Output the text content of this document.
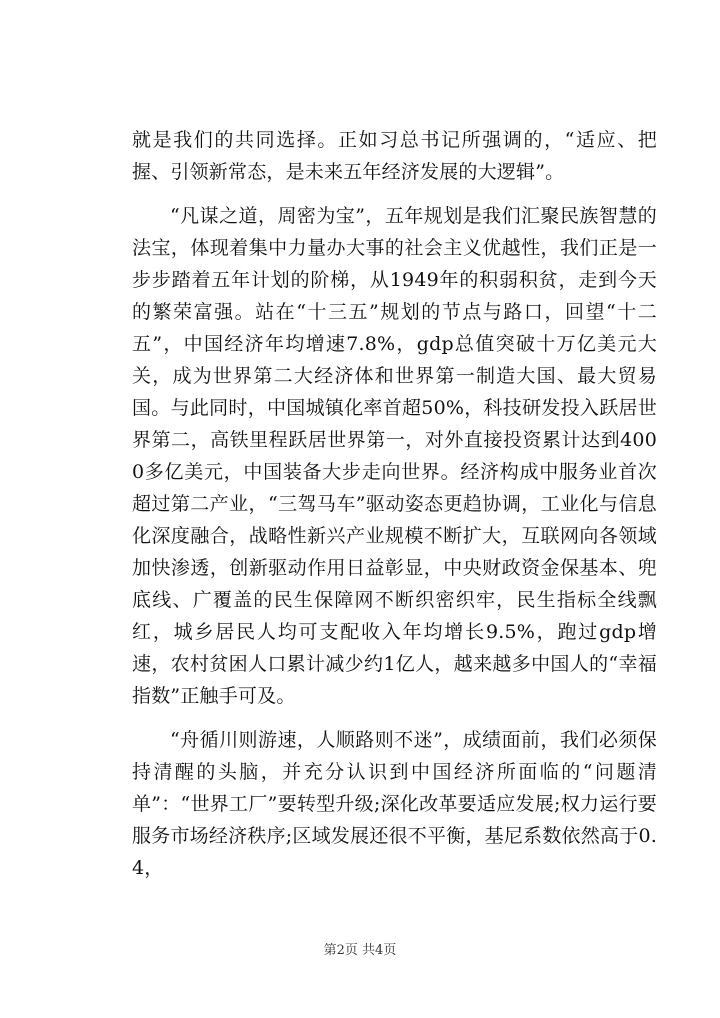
就是我们的共同选择。正如习总书记所强调的，“适应、把握、引领新常态，是未来五年经济发展的大逻辑”。

“凡谋之道，周密为宝”，五年规划是我们汇聚民族智慧的法宝，体现着集中力量办大事的社会主义优越性，我们正是一步步踏着五年计划的阶梯，从1949年的积弱积贫，走到今天的繁荣富强。站在“十三五”规划的节点与路口，回望“十二五”，中国经济年均增速7.8%，gdp总值突破十万亿美元大关，成为世界第二大经济体和世界第一制造大国、最大贸易国。与此同时，中国城镇化率首超50%，科技研发投入跃居世界第二，高铁里程跃居世界第一，对外直接投资累计达到4000多亿美元，中国装备大步走向世界。经济构成中服务业首次超过第二产业，“三驾马车”驱动姿态更趋协调，工业化与信息化深度融合，战略性新兴产业规模不断扩大，互联网向各领域加快渗透，创新驱动作用日益彰显，中央财政资金保基本、兜底线、广覆盖的民生保障网不断织密织牢，民生指标全线飘红，城乡居民人均可支配收入年均增长9.5%，跑过gdp增速，农村贫困人口累计减少约1亿人，越来越多中国人的“幸福指数”正触手可及。

“舟循川则游速，人顺路则不迷”，成绩面前，我们必须保持清醒的头脑，并充分认识到中国经济所面临的“问题清单”：“世界工厂”要转型升级;深化改革要适应发展;权力运行要服务市场经济秩序;区域发展还很不平衡，基尼系数依然高于0.4，

第2页 共4页
